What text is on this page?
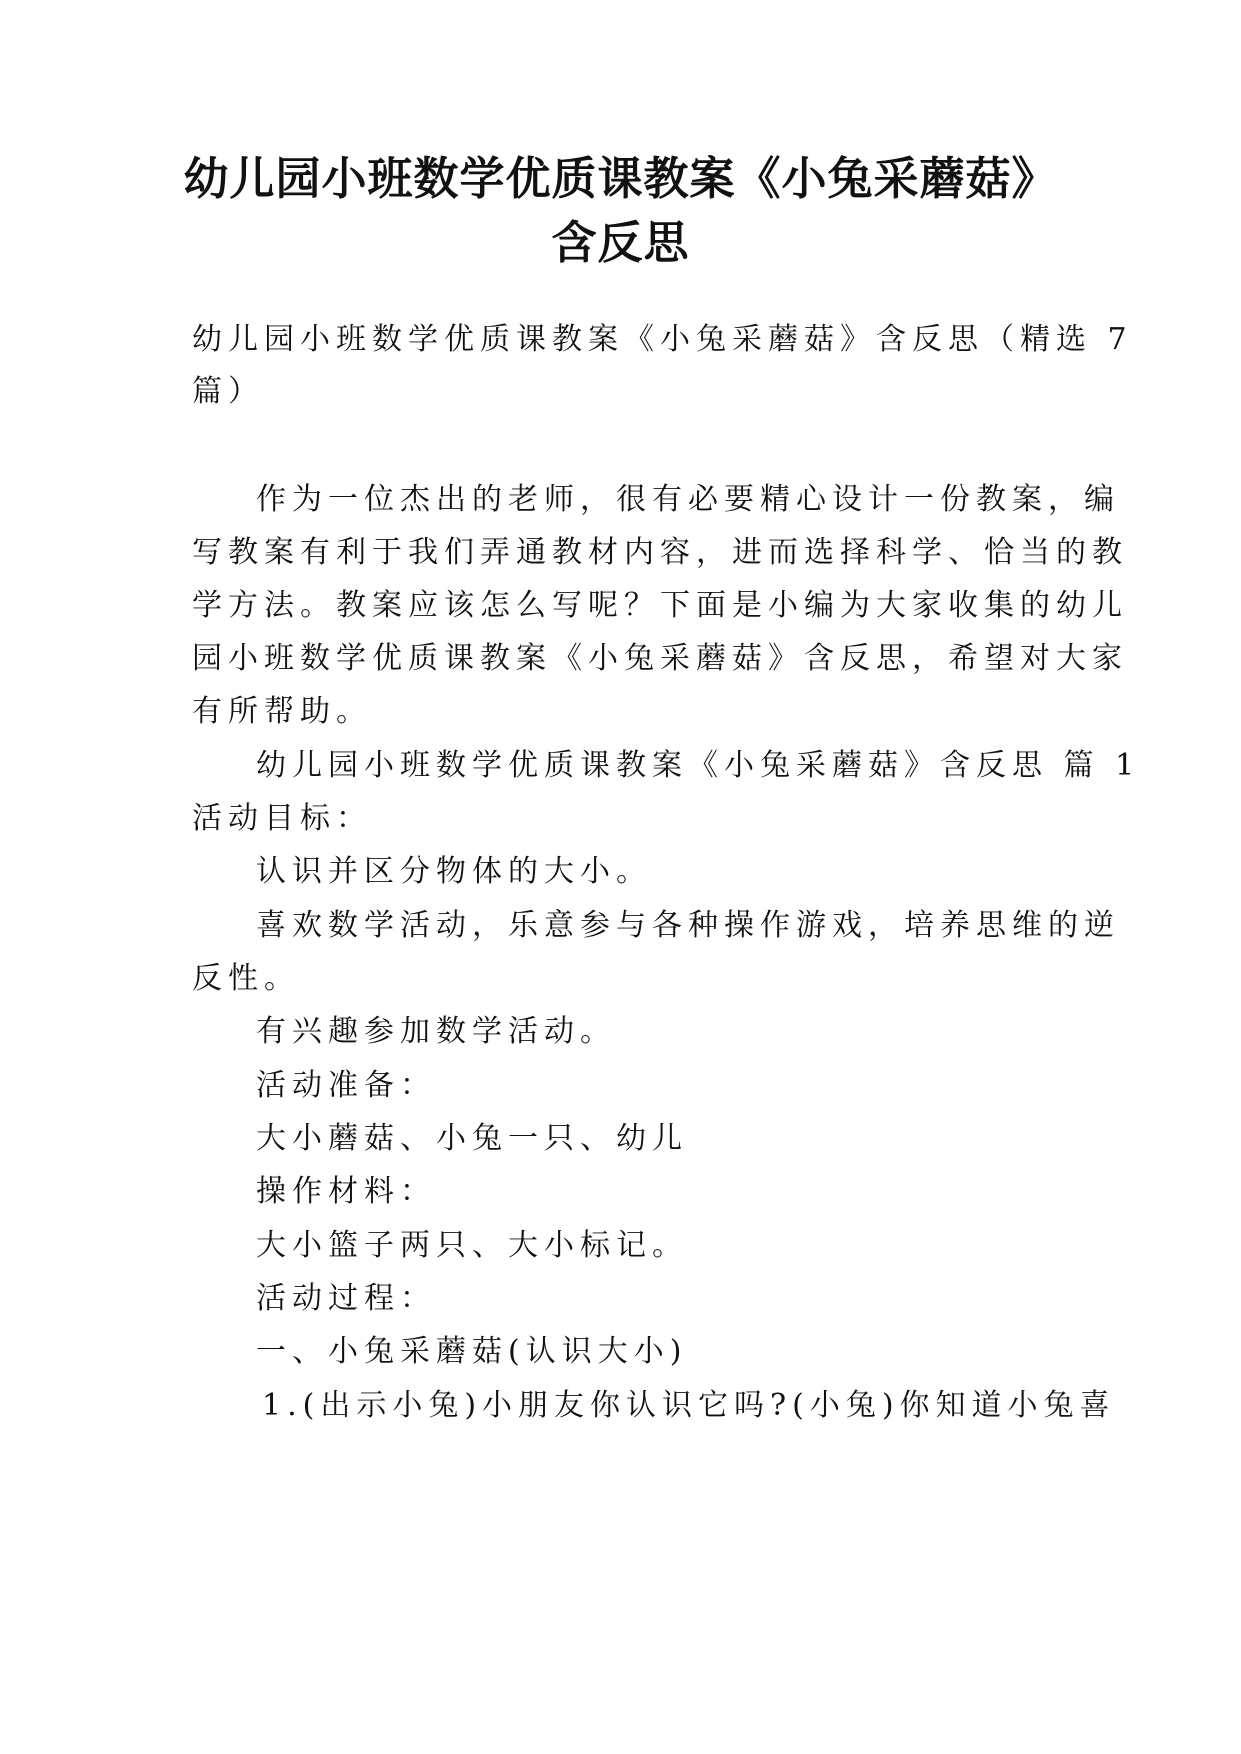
幼儿园小班数学优质课教案《小兔采蘑菇》
含反思
幼儿园小班数学优质课教案《小兔采蘑菇》含反思（精选 7
篇）
作为一位杰出的老师，很有必要精心设计一份教案，编
写教案有利于我们弄通教材内容，进而选择科学、恰当的教
学方法。教案应该怎么写呢？下面是小编为大家收集的幼儿
园小班数学优质课教案《小兔采蘑菇》含反思，希望对大家
有所帮助。
幼儿园小班数学优质课教案《小兔采蘑菇》含反思 篇 1
活动目标：
认识并区分物体的大小。
喜欢数学活动，乐意参与各种操作游戏，培养思维的逆
反性。
有兴趣参加数学活动。
活动准备：
大小蘑菇、小兔一只、幼儿
操作材料：
大小篮子两只、大小标记。
活动过程：
一、小兔采蘑菇(认识大小)
1.(出示小兔)小朋友你认识它吗?(小兔)你知道小兔喜
